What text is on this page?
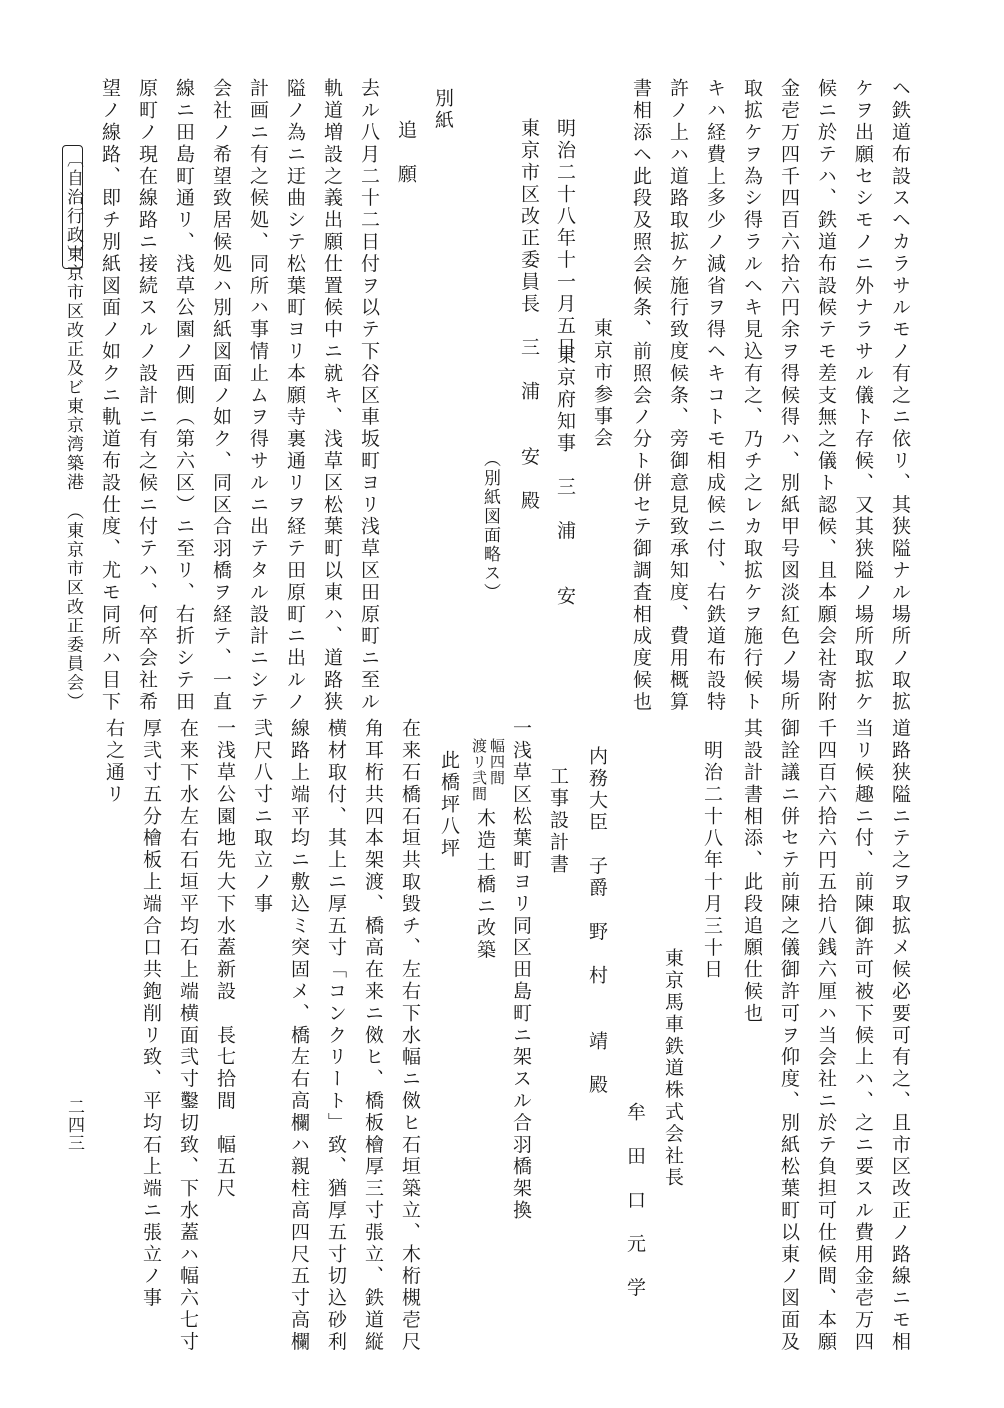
ヘ鉄道布設スヘカラサルモノ有之ニ依リ、其狭隘ナル場所ノ取拡
ケヲ出願セシモノニ外ナラサル儀ト存候、又其狭隘ノ場所取拡ケ
候ニ於テハ、鉄道布設候テモ差支無之儀ト認候、且本願会社寄附
金壱万四千四百六拾六円余ヲ得候得ハ、別紙甲号図淡紅色ノ場所
取拡ケヲ為シ得ラルヘキ見込有之、乃チ之レカ取拡ケヲ施行候ト
キハ経費上多少ノ減省ヲ得ヘキコトモ相成候ニ付、右鉄道布設特
許ノ上ハ道路取拡ケ施行致度候条、旁御意見致承知度、費用概算
書相添ヘ此段及照会候条、前照会ノ分ト併セテ御調査相成度候也
東京市参事会
明治二十八年十一月五日
東京府知事　三　浦　　安
東京市区改正委員長　三　浦　　安　殿
（別紙図面略ス）
別紙
追　願
去ル八月二十二日付ヲ以テ下谷区車坂町ヨリ浅草区田原町ニ至ル
軌道増設之義出願仕置候中ニ就キ、浅草区松葉町以東ハ、道路狭
隘ノ為ニ迂曲シテ松葉町ヨリ本願寺裏通リヲ経テ田原町ニ出ルノ
計画ニ有之候処、同所ハ事情止ムヲ得サルニ出テタル設計ニシテ
会社ノ希望致居候処ハ別紙図面ノ如ク、同区合羽橋ヲ経テ、一直
線ニ田島町通リ、浅草公園ノ西側（第六区）ニ至リ、右折シテ田
原町ノ現在線路ニ接続スルノ設計ニ有之候ニ付テハ、何卒会社希
望ノ線路、即チ別紙図面ノ如クニ軌道布設仕度、尤モ同所ハ目下
〔自治行政〕
東京市区改正及ビ東京湾築港　（東京市区改正委員会）
道路狭隘ニテ之ヲ取拡メ候必要可有之、且市区改正ノ路線ニモ相
当リ候趣ニ付、前陳御許可被下候上ハ、之ニ要スル費用金壱万四
千四百六拾六円五拾八銭六厘ハ当会社ニ於テ負担可仕候間、本願
御詮議ニ併セテ前陳之儀御許可ヲ仰度、別紙松葉町以東ノ図面及
其設計書相添、此段追願仕候也
明治二十八年十月三十日
東京馬車鉄道株式会社長
牟　田　口　元　学
内務大臣　子爵　野　村　　靖　殿
工事設計書
一浅草区松葉町ヨリ同区田島町ニ架スル合羽橋架換
幅四間
渡リ弐間
木造土橋ニ改築
此橋坪八坪
在来石橋石垣共取毀チ、左右下水幅ニ傚ヒ石垣築立、木桁槻壱尺
角耳桁共四本架渡、橋高在来ニ傚ヒ、橋板檜厚三寸張立、鉄道縦
横材取付、其上ニ厚五寸「コンクリート」致、猶厚五寸切込砂利
線路上端平均ニ敷込ミ突固メ、橋左右高欄ハ親柱高四尺五寸高欄
弐尺八寸ニ取立ノ事
一浅草公園地先大下水蓋新設　長七拾間　幅五尺
在来下水左右石垣平均石上端横面弐寸鑿切致、下水蓋ハ幅六七寸
厚弐寸五分檜板上端合口共鉋削リ致、平均石上端ニ張立ノ事
右之通リ
二四三
